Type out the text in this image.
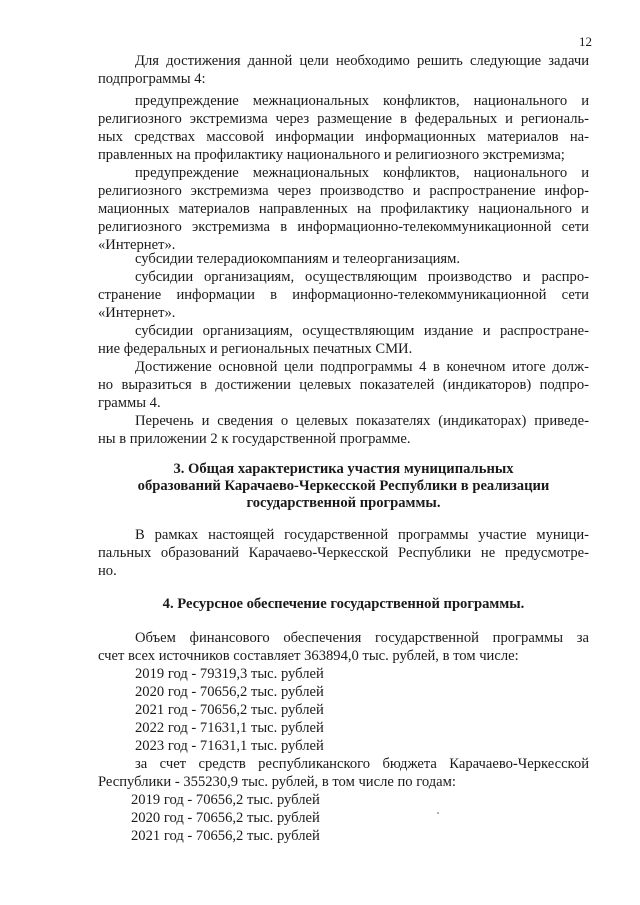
12
Для достижения данной цели необходимо решить следующие задачи
подпрограммы 4:
предупреждение межнациональных конфликтов, национального и
религиозного экстремизма через размещение в федеральных и региональ-
ных средствах массовой информации информационных материалов на-
правленных на профилактику национального и религиозного экстремизма;
предупреждение межнациональных конфликтов, национального и
религиозного экстремизма через производство и распространение инфор-
мационных материалов направленных на профилактику национального и
религиозного экстремизма в информационно-телекоммуникационной сети
«Интернет».
субсидии телерадиокомпаниям и телеорганизациям.
субсидии организациям, осуществляющим производство и распро-
странение информации в информационно-телекоммуникационной сети
«Интернет».
субсидии организациям, осуществляющим издание и распростране-
ние федеральных и региональных печатных СМИ.
Достижение основной цели подпрограммы 4 в конечном итоге долж-
но выразиться в достижении целевых показателей (индикаторов) подпро-
граммы 4.
Перечень и сведения о целевых показателях (индикаторах) приведе-
ны в приложении 2 к государственной программе.
3. Общая характеристика участия муниципальных
образований Карачаево-Черкесской Республики в реализации
государственной программы.
В рамках настоящей государственной программы участие муници-
пальных образований Карачаево-Черкесской Республики не предусмотре-
но.
4. Ресурсное обеспечение государственной программы.
Объем финансового обеспечения государственной программы за
счет всех источников составляет 363894,0 тыс. рублей, в том числе:
2019 год - 79319,3 тыс. рублей
2020 год - 70656,2 тыс. рублей
2021 год - 70656,2 тыс. рублей
2022 год - 71631,1 тыс. рублей
2023 год - 71631,1 тыс. рублей
за счет средств республиканского бюджета Карачаево-Черкесской
Республики - 355230,9 тыс. рублей, в том числе по годам:
2019 год - 70656,2 тыс. рублей
2020 год - 70656,2 тыс. рублей
2021 год - 70656,2 тыс. рублей
